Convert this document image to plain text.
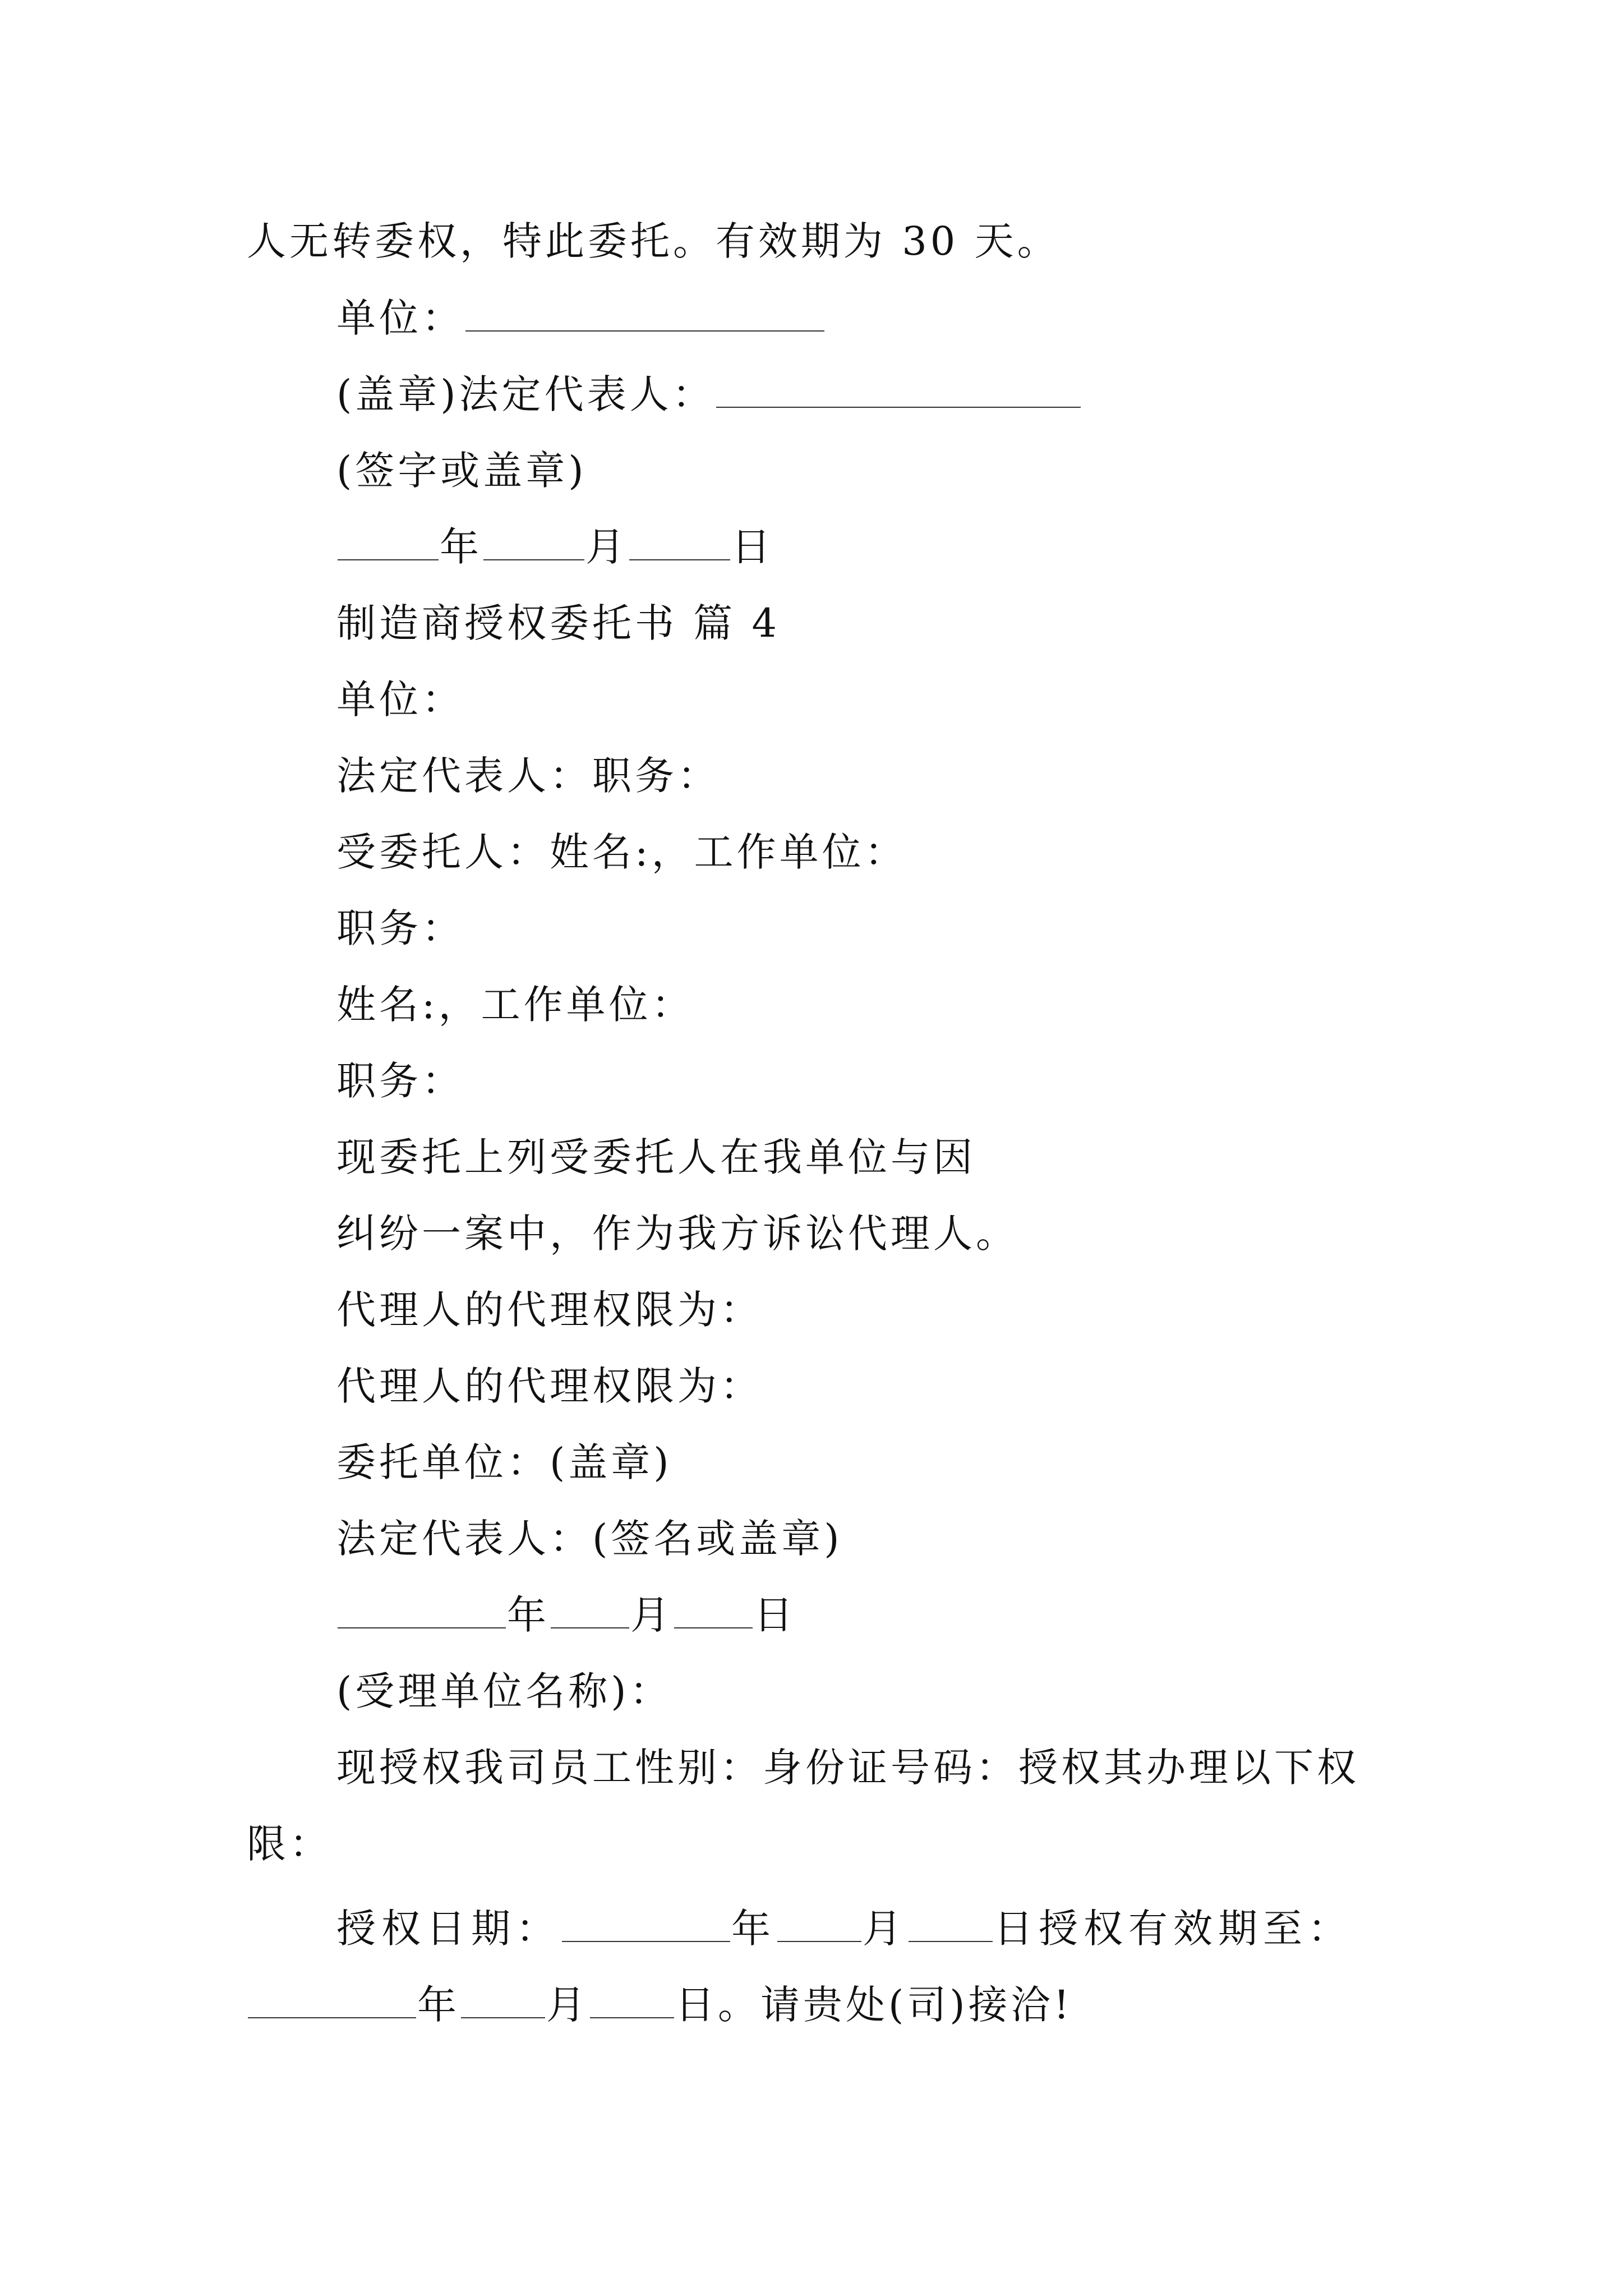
人无转委权，特此委托。有效期为 30 天。
单位：
(盖章)法定代表人：
(签字或盖章)
年	月	日
制造商授权委托书 篇 4
单位：
法定代表人：职务：
受委托人：姓名:，工作单位：
职务：
姓名:，工作单位：
职务：
现委托上列受委托人在我单位与因
纠纷一案中，作为我方诉讼代理人。
代理人的代理权限为：
代理人的代理权限为：
委托单位：(盖章)
法定代表人：(签名或盖章)
年 月 日
(受理单位名称)：
现授权我司员工性别：身份证号码：授权其办理以下权
限：
授权日期：	年 月 日授权有效期至：
年 月 日。请贵处(司)接洽!
